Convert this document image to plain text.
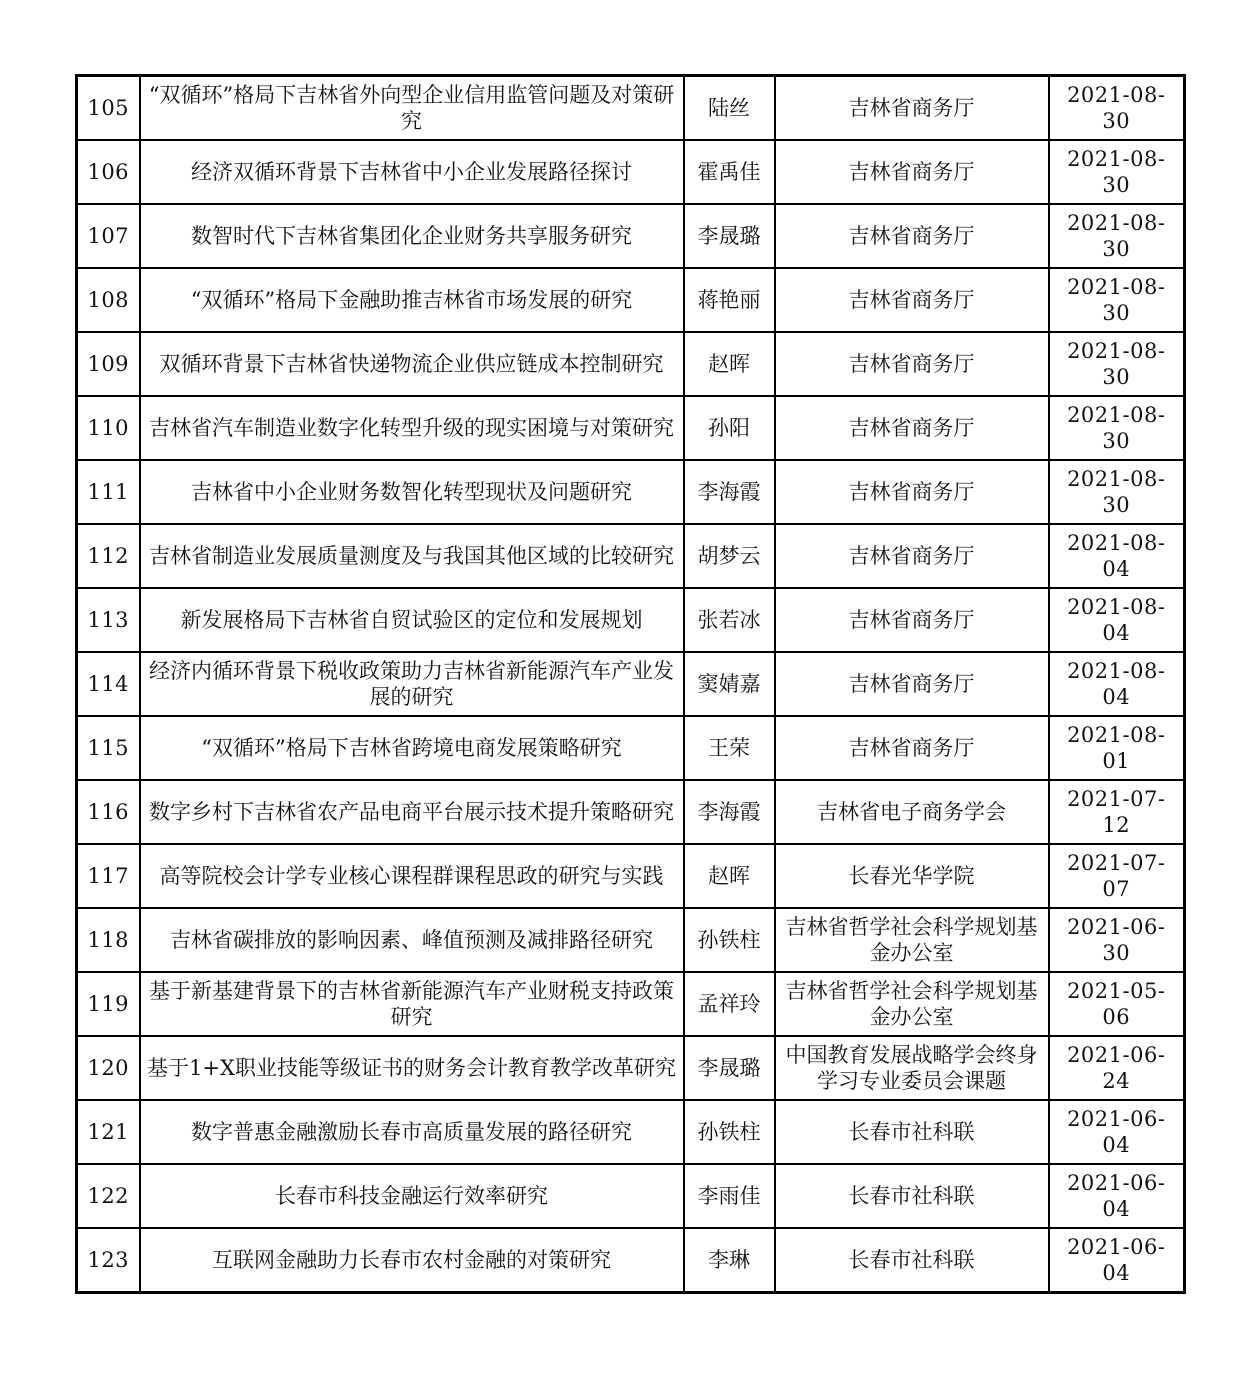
105	“双循环”格局下吉林省外向型企业信用监管问题及对策研究	陆丝	吉林省商务厅	2021-08-30
106	经济双循环背景下吉林省中小企业发展路径探讨	霍禹佳	吉林省商务厅	2021-08-30
107	数智时代下吉林省集团化企业财务共享服务研究	李晟璐	吉林省商务厅	2021-08-30
108	“双循环”格局下金融助推吉林省市场发展的研究	蒋艳丽	吉林省商务厅	2021-08-30
109	双循环背景下吉林省快递物流企业供应链成本控制研究	赵晖	吉林省商务厅	2021-08-30
110	吉林省汽车制造业数字化转型升级的现实困境与对策研究	孙阳	吉林省商务厅	2021-08-30
111	吉林省中小企业财务数智化转型现状及问题研究	李海霞	吉林省商务厅	2021-08-30
112	吉林省制造业发展质量测度及与我国其他区域的比较研究	胡梦云	吉林省商务厅	2021-08-04
113	新发展格局下吉林省自贸试验区的定位和发展规划	张若冰	吉林省商务厅	2021-08-04
114	经济内循环背景下税收政策助力吉林省新能源汽车产业发展的研究	窦婧嘉	吉林省商务厅	2021-08-04
115	“双循环”格局下吉林省跨境电商发展策略研究	王荣	吉林省商务厅	2021-08-01
116	数字乡村下吉林省农产品电商平台展示技术提升策略研究	李海霞	吉林省电子商务学会	2021-07-12
117	高等院校会计学专业核心课程群课程思政的研究与实践	赵晖	长春光华学院	2021-07-07
118	吉林省碳排放的影响因素、峰值预测及减排路径研究	孙铁柱	吉林省哲学社会科学规划基金办公室	2021-06-30
119	基于新基建背景下的吉林省新能源汽车产业财税支持政策研究	孟祥玲	吉林省哲学社会科学规划基金办公室	2021-05-06
120	基于1+X职业技能等级证书的财务会计教育教学改革研究	李晟璐	中国教育发展战略学会终身学习专业委员会课题	2021-06-24
121	数字普惠金融激励长春市高质量发展的路径研究	孙铁柱	长春市社科联	2021-06-04
122	长春市科技金融运行效率研究	李雨佳	长春市社科联	2021-06-04
123	互联网金融助力长春市农村金融的对策研究	李琳	长春市社科联	2021-06-04
